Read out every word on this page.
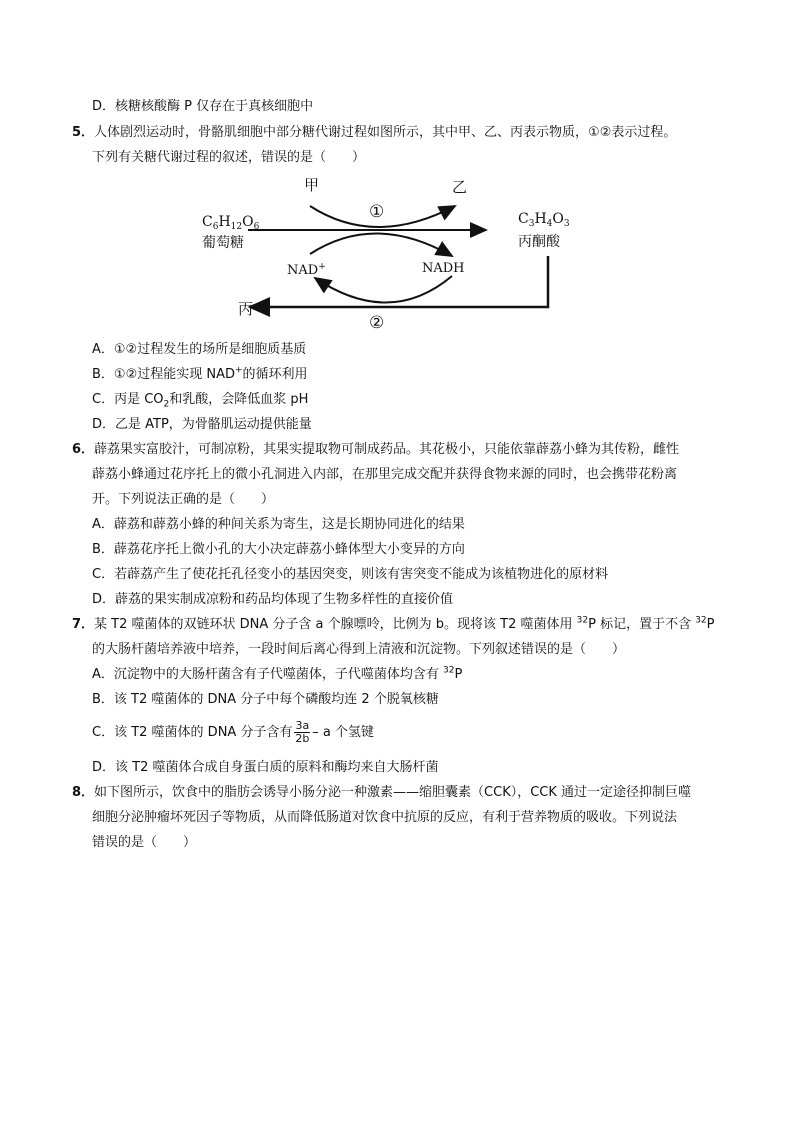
D．核糖核酸酶 P 仅存在于真核细胞中
5．人体剧烈运动时，骨骼肌细胞中部分糖代谢过程如图所示，其中甲、乙、丙表示物质，①②表示过程。
下列有关糖代谢过程的叙述，错误的是（　　）
甲	乙
①
$C_6H_{12}O_6$
葡萄糖
$C_3H_4O_3$
丙酮酸
NAD+	NADH
丙
②
A．①②过程发生的场所是细胞质基质
B．①②过程能实现 NAD+的循环利用
C．丙是 $CO_2$和乳酸，会降低血浆 pH
D．乙是 ATP，为骨骼肌运动提供能量
6．薜荔果实富胶汁，可制凉粉，其果实提取物可制成药品。其花极小，只能依靠薜荔小蜂为其传粉，雌性
薜荔小蜂通过花序托上的微小孔洞进入内部，在那里完成交配并获得食物来源的同时，也会携带花粉离
开。下列说法正确的是（　　）
A．薜荔和薜荔小蜂的种间关系为寄生，这是长期协同进化的结果
B．薜荔花序托上微小孔的大小决定薜荔小蜂体型大小变异的方向
C．若薜荔产生了使花托孔径变小的基因突变，则该有害突变不能成为该植物进化的原材料
D．薜荔的果实制成凉粉和药品均体现了生物多样性的直接价值
7．某 T2 噬菌体的双链环状 DNA 分子含 a 个腺嘌呤，比例为 b。现将该 T2 噬菌体用 $^{32}$P 标记，置于不含 $^{32}$P
的大肠杆菌培养液中培养，一段时间后离心得到上清液和沉淀物。下列叙述错误的是（　　）
A．沉淀物中的大肠杆菌含有子代噬菌体，子代噬菌体均含有 $^{32}$P
B．该 T2 噬菌体的 DNA 分子中每个磷酸均连 2 个脱氧核糖
C．该 T2 噬菌体的 DNA 分子含有 $\frac{3a}{2b}$ – a 个氢键
D．该 T2 噬菌体合成自身蛋白质的原料和酶均来自大肠杆菌
8．如下图所示，饮食中的脂肪会诱导小肠分泌一种激素——缩胆囊素（CCK），CCK 通过一定途径抑制巨噬
细胞分泌肿瘤坏死因子等物质，从而降低肠道对饮食中抗原的反应，有利于营养物质的吸收。下列说法
错误的是（　　）
